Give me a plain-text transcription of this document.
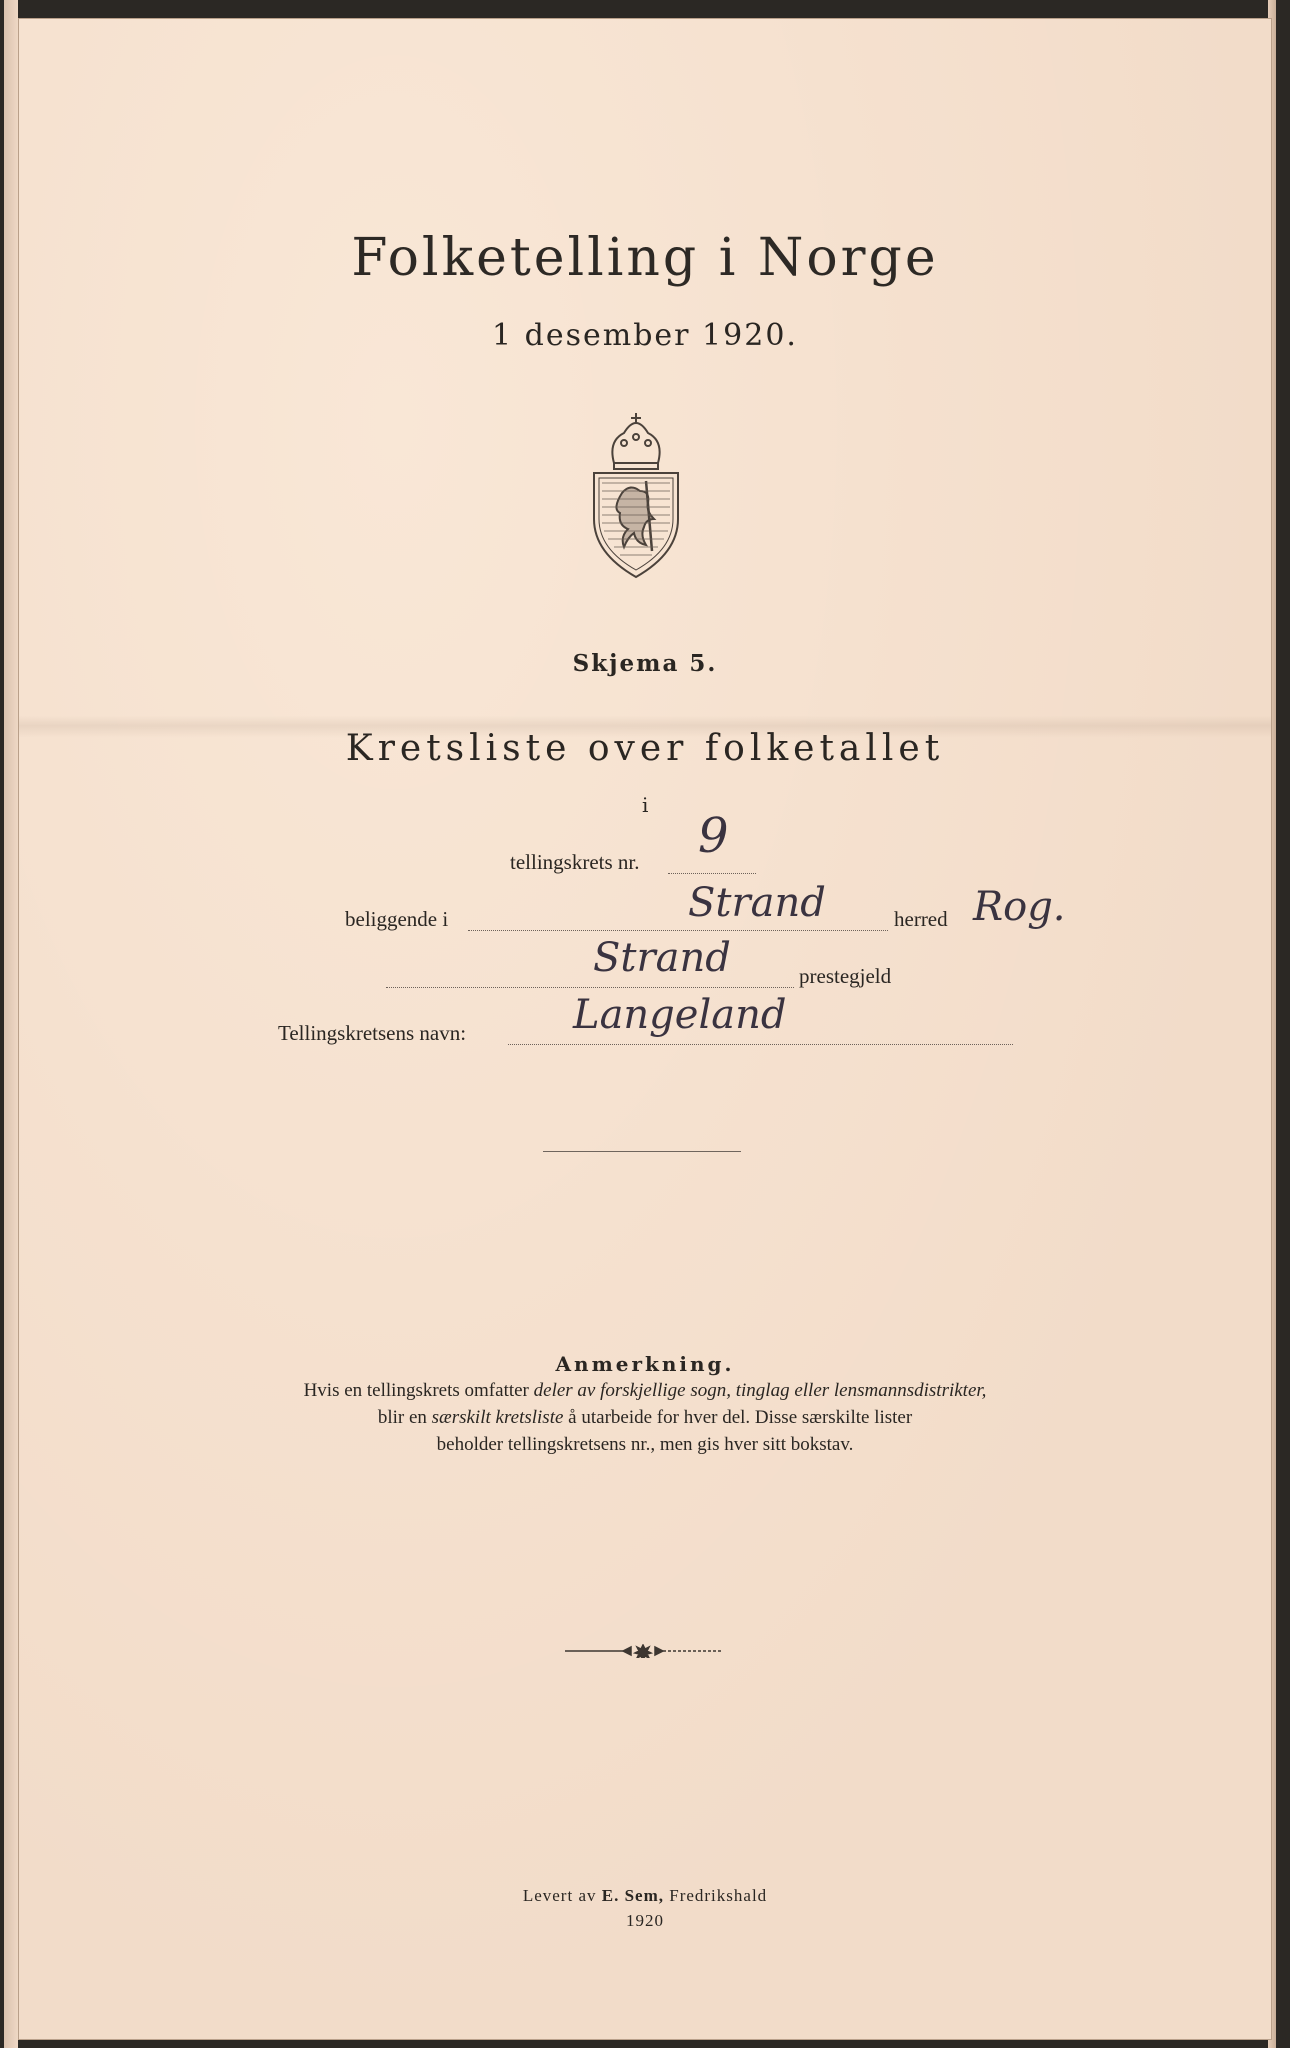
Folketelling i Norge
1 desember 1920.
Skjema 5.
Kretsliste over folketallet
i
tellingskrets nr. 9
beliggende i	Strand	herred Rog.
Strand	prestegjeld
Tellingskretsens navn:	Langeland
Anmerkning.
Hvis en tellingskrets omfatter deler av forskjellige sogn, tinglag eller lensmannsdistrikter,
blir en særskilt kretsliste å utarbeide for hver del. Disse særskilte lister
beholder tellingskretsens nr., men gis hver sitt bokstav.
Levert av E. Sem, Fredrikshald
1920
